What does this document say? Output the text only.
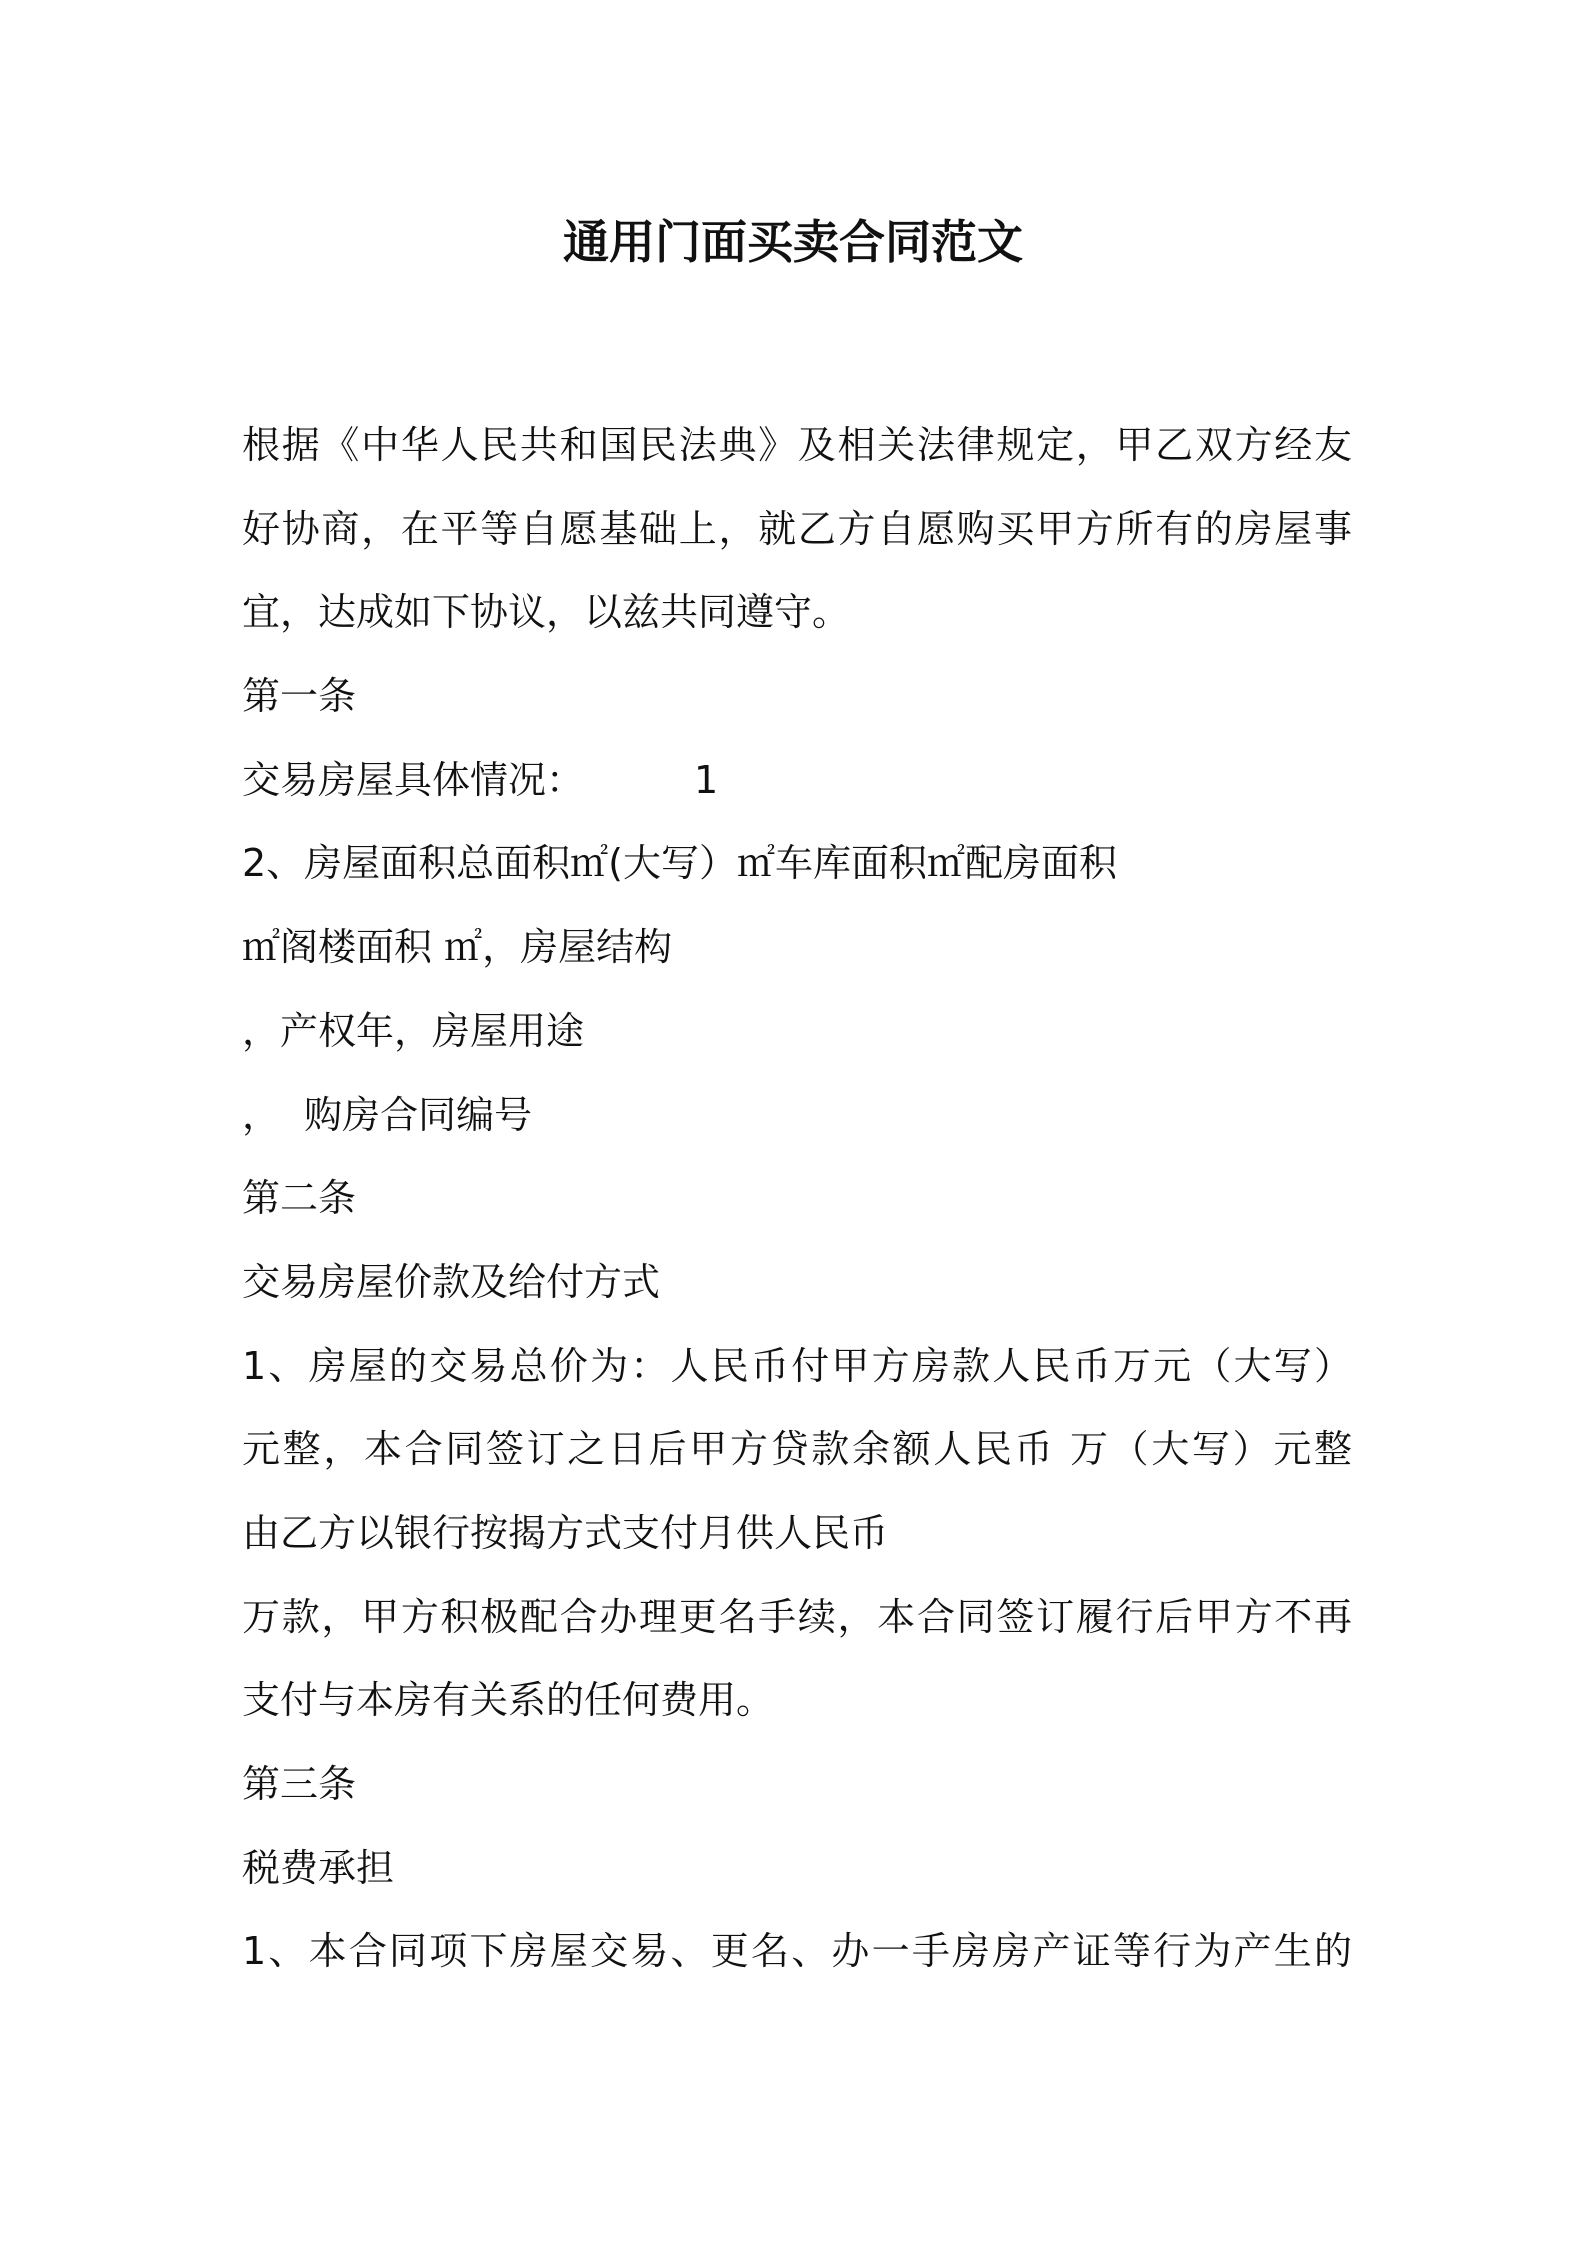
通用门面买卖合同范文
根据《中华人民共和国民法典》及相关法律规定，甲乙双方经友
好协商，在平等自愿基础上，就乙方自愿购买甲方所有的房屋事
宜，达成如下协议，以兹共同遵守。
第一条
交易房屋具体情况：	1
2、房屋面积总面积㎡(大写）㎡车库面积㎡配房面积
㎡阁楼面积 ㎡，房屋结构
，产权年，房屋用途
，  购房合同编号
第二条
交易房屋价款及给付方式
1、房屋的交易总价为：人民币付甲方房款人民币万元（大写）
元整，本合同签订之日后甲方贷款余额人民币 万（大写）元整
由乙方以银行按揭方式支付月供人民币
万款，甲方积极配合办理更名手续，本合同签订履行后甲方不再
支付与本房有关系的任何费用。
第三条
税费承担
1、本合同项下房屋交易、更名、办一手房房产证等行为产生的
